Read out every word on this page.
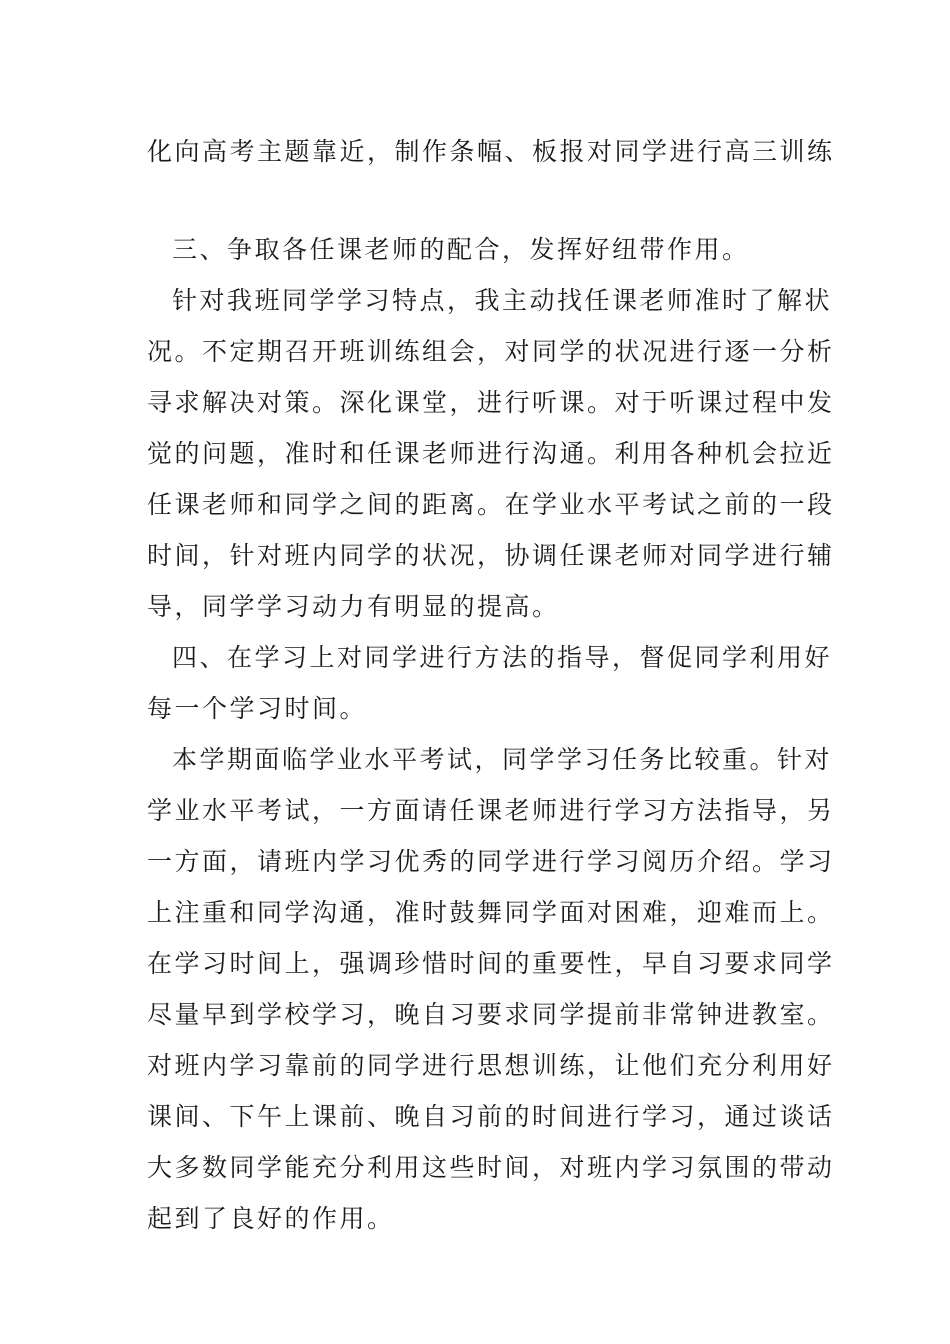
化向高考主题靠近，制作条幅、板报对同学进行高三训练
三、争取各任课老师的配合，发挥好纽带作用。
针对我班同学学习特点，我主动找任课老师准时了解状
况。不定期召开班训练组会，对同学的状况进行逐一分析
寻求解决对策。深化课堂，进行听课。对于听课过程中发
觉的问题，准时和任课老师进行沟通。利用各种机会拉近
任课老师和同学之间的距离。在学业水平考试之前的一段
时间，针对班内同学的状况，协调任课老师对同学进行辅
导，同学学习动力有明显的提高。
四、在学习上对同学进行方法的指导，督促同学利用好
每一个学习时间。
本学期面临学业水平考试，同学学习任务比较重。针对
学业水平考试，一方面请任课老师进行学习方法指导，另
一方面，请班内学习优秀的同学进行学习阅历介绍。学习
上注重和同学沟通，准时鼓舞同学面对困难，迎难而上。
在学习时间上，强调珍惜时间的重要性，早自习要求同学
尽量早到学校学习，晚自习要求同学提前非常钟进教室。
对班内学习靠前的同学进行思想训练，让他们充分利用好
课间、下午上课前、晚自习前的时间进行学习，通过谈话
大多数同学能充分利用这些时间，对班内学习氛围的带动
起到了良好的作用。
